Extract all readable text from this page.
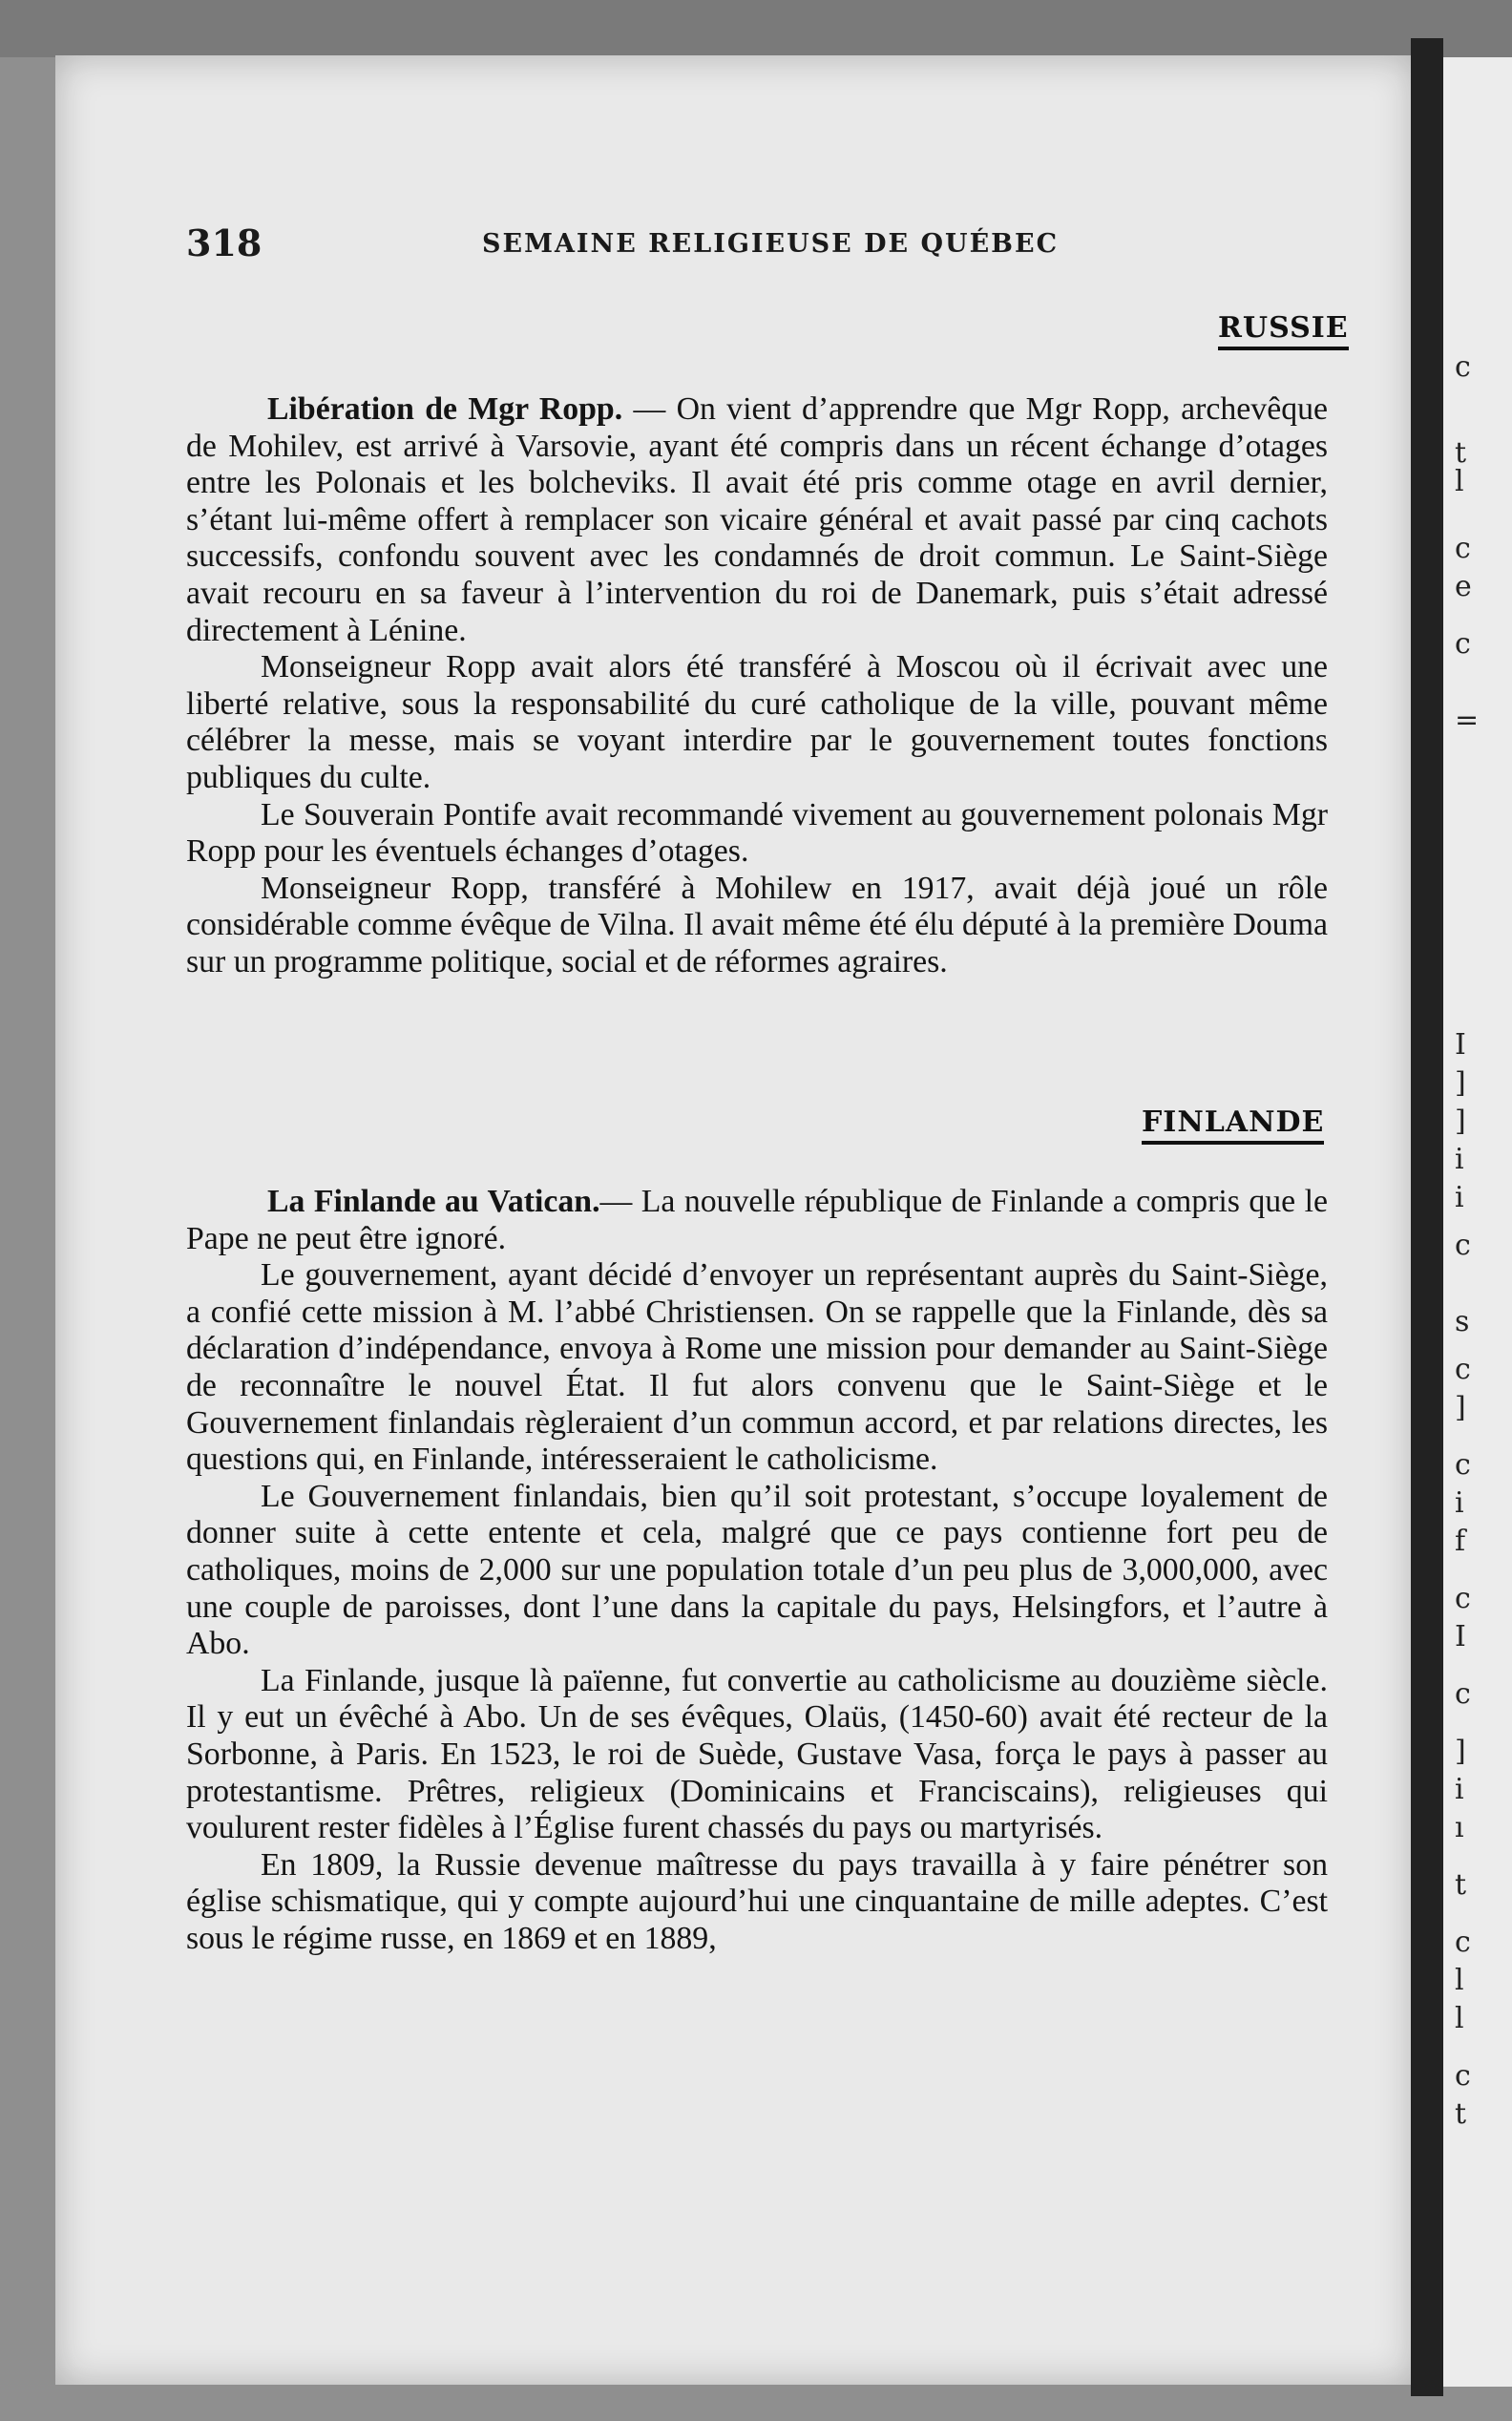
c
t
l
c
e
c
=
I
]
]
i
i
c
s
c
]
c
i
f
c
I
c
]
i
ı
t
c
l
l
c
t
318	SEMAINE RELIGIEUSE DE QUÉBEC
RUSSIE

Libération de Mgr Ropp. — On vient d’apprendre que Mgr Ropp, archevêque de Mohilev, est arrivé à Varsovie, ayant été compris dans un récent échange d’otages entre les Polonais et les bolcheviks. Il avait été pris comme otage en avril dernier, s’étant lui-même offert à remplacer son vicaire général et avait passé par cinq cachots successifs, confondu souvent avec les condamnés de droit commun. Le Saint-Siège avait recouru en sa faveur à l’intervention du roi de Danemark, puis s’était adressé directement à Lénine.

Monseigneur Ropp avait alors été transféré à Moscou où il écrivait avec une liberté relative, sous la responsabilité du curé catholique de la ville, pouvant même célébrer la messe, mais se voyant interdire par le gouvernement toutes fonctions publiques du culte.

Le Souverain Pontife avait recommandé vivement au gouvernement polonais Mgr Ropp pour les éventuels échanges d’otages.

Monseigneur Ropp, transféré à Mohilew en 1917, avait déjà joué un rôle considérable comme évêque de Vilna. Il avait même été élu député à la première Douma sur un programme politique, social et de réformes agraires.

FINLANDE

La Finlande au Vatican.— La nouvelle république de Finlande a compris que le Pape ne peut être ignoré.

Le gouvernement, ayant décidé d’envoyer un représentant auprès du Saint-Siège, a confié cette mission à M. l’abbé Christiensen. On se rappelle que la Finlande, dès sa déclaration d’indépendance, envoya à Rome une mission pour demander au Saint-Siège de reconnaître le nouvel État. Il fut alors convenu que le Saint-Siège et le Gouvernement finlandais règleraient d’un commun accord, et par relations directes, les questions qui, en Finlande, intéresseraient le catholicisme.

Le Gouvernement finlandais, bien qu’il soit protestant, s’occupe loyalement de donner suite à cette entente et cela, malgré que ce pays contienne fort peu de catholiques, moins de 2,000 sur une population totale d’un peu plus de 3,000,000, avec une couple de paroisses, dont l’une dans la capitale du pays, Helsingfors, et l’autre à Abo.

La Finlande, jusque là païenne, fut convertie au catholicisme au douzième siècle. Il y eut un évêché à Abo. Un de ses évêques, Olaüs, (1450-60) avait été recteur de la Sorbonne, à Paris. En 1523, le roi de Suède, Gustave Vasa, força le pays à passer au protestantisme. Prêtres, religieux (Dominicains et Franciscains), religieuses qui voulurent rester fidèles à l’Église furent chassés du pays ou martyrisés.

En 1809, la Russie devenue maîtresse du pays travailla à y faire pénétrer son église schismatique, qui y compte aujourd’hui une cinquantaine de mille adeptes. C’est sous le régime russe, en 1869 et en 1889,
